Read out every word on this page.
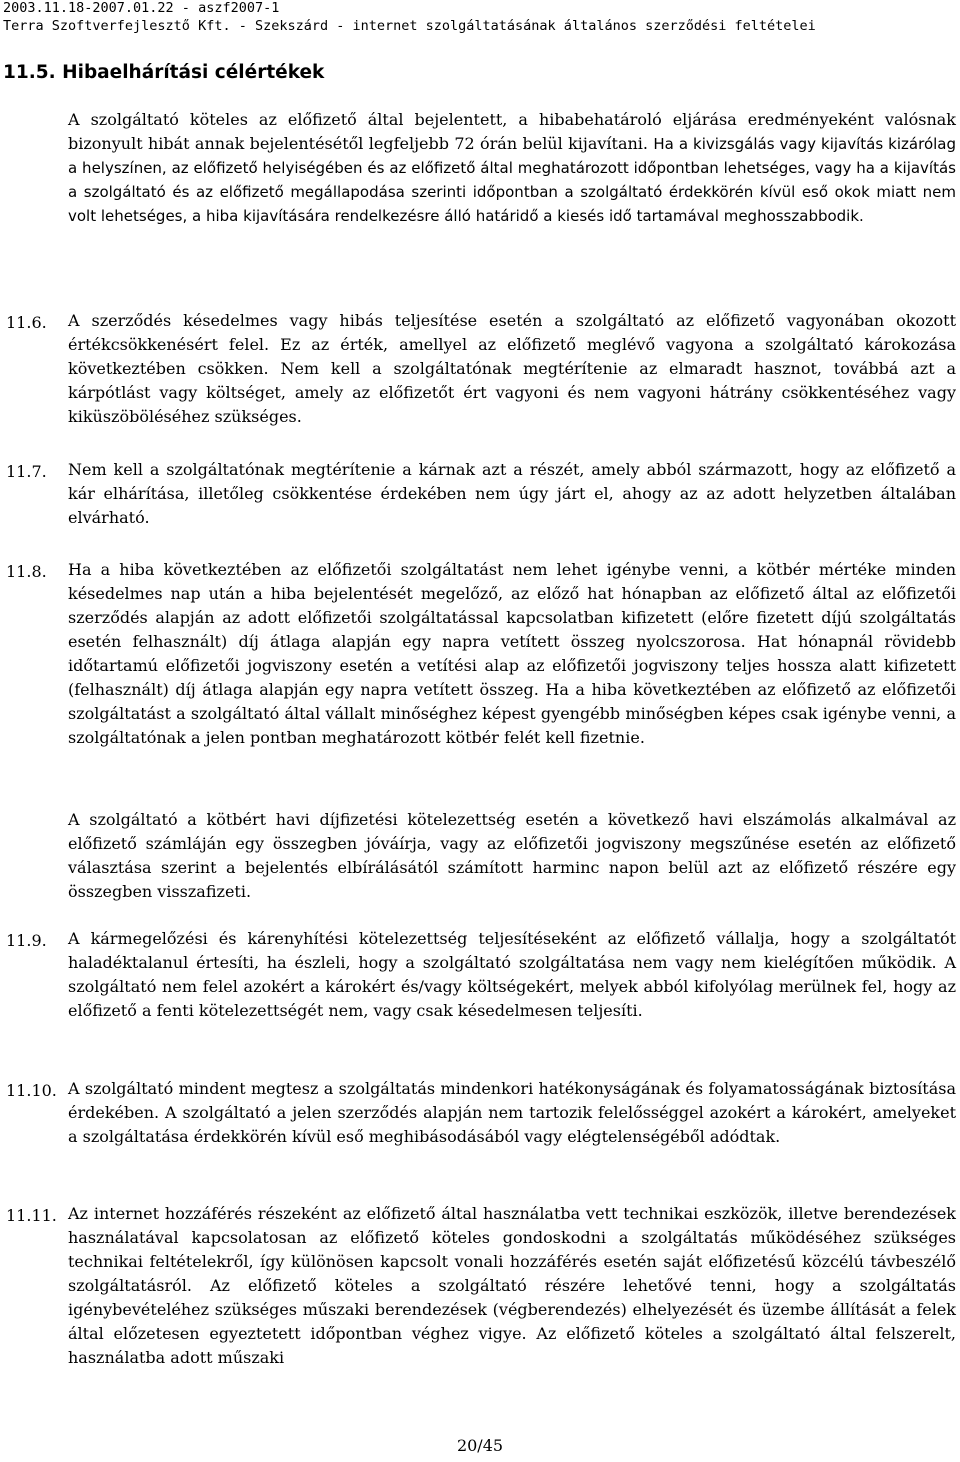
2003.11.18-2007.01.22 - aszf2007-1
Terra Szoftverfejlesztő Kft. - Szekszárd - internet szolgáltatásának általános szerződési feltételei
11.5. Hibaelhárítási célértékek
A szolgáltató köteles az előfizető által bejelentett, a hibabehatároló eljárása eredményeként valósnak bizonyult hibát annak bejelentésétől legfeljebb 72 órán belül kijavítani. Ha a kivizsgálás vagy kijavítás kizárólag a helyszínen, az előfizető helyiségében és az előfizető által meghatározott időpontban lehetséges, vagy ha a kijavítás a szolgáltató és az előfizető megállapodása szerinti időpontban a szolgáltató érdekkörén kívül eső okok miatt nem volt lehetséges, a hiba kijavítására rendelkezésre álló határidő a kiesés idő tartamával meghosszabbodik.
11.6. A szerződés késedelmes vagy hibás teljesítése esetén a szolgáltató az előfizető vagyonában okozott értékcsökkenésért felel. Ez az érték, amellyel az előfizető meglévő vagyona a szolgáltató károkozása következtében csökken. Nem kell a szolgáltatónak megtérítenie az elmaradt hasznot, továbbá azt a kárpótlást vagy költséget, amely az előfizetőt ért vagyoni és nem vagyoni hátrány csökkentéséhez vagy kiküszöböléséhez szükséges.
11.7. Nem kell a szolgáltatónak megtérítenie a kárnak azt a részét, amely abból származott, hogy az előfizető a kár elhárítása, illetőleg csökkentése érdekében nem úgy járt el, ahogy az az adott helyzetben általában elvárható.
11.8. Ha a hiba következtében az előfizetői szolgáltatást nem lehet igénybe venni, a kötbér mértéke minden késedelmes nap után a hiba bejelentését megelőző, az előző hat hónapban az előfizető által az előfizetői szerződés alapján az adott előfizetői szolgáltatással kapcsolatban kifizetett (előre fizetett díjú szolgáltatás esetén felhasznált) díj átlaga alapján egy napra vetített összeg nyolcszorosa. Hat hónapnál rövidebb időtartamú előfizetői jogviszony esetén a vetítési alap az előfizetői jogviszony teljes hossza alatt kifizetett (felhasznált) díj átlaga alapján egy napra vetített összeg. Ha a hiba következtében az előfizető az előfizetői szolgáltatást a szolgáltató által vállalt minőséghez képest gyengébb minőségben képes csak igénybe venni, a szolgáltatónak a jelen pontban meghatározott kötbér felét kell fizetnie.
A szolgáltató a kötbért havi díjfizetési kötelezettség esetén a következő havi elszámolás alkalmával az előfizető számláján egy összegben jóváírja, vagy az előfizetői jogviszony megszűnése esetén az előfizető választása szerint a bejelentés elbírálásától számított harminc napon belül azt az előfizető részére egy összegben visszafizeti.
11.9. A kármegelőzési és kárenyhítési kötelezettség teljesítéseként az előfizető vállalja, hogy a szolgáltatót haladéktalanul értesíti, ha észleli, hogy a szolgáltató szolgáltatása nem vagy nem kielégítően működik. A szolgáltató nem felel azokért a károkért és/vagy költségekért, melyek abból kifolyólag merülnek fel, hogy az előfizető a fenti kötelezettségét nem, vagy csak késedelmesen teljesíti.
11.10. A szolgáltató mindent megtesz a szolgáltatás mindenkori hatékonyságának és folyamatosságának biztosítása érdekében. A szolgáltató a jelen szerződés alapján nem tartozik felelősséggel azokért a károkért, amelyeket a szolgáltatása érdekkörén kívül eső meghibásodásából vagy elégtelenségéből adódtak.
11.11. Az internet hozzáférés részeként az előfizető által használatba vett technikai eszközök, illetve berendezések használatával kapcsolatosan az előfizető köteles gondoskodni a szolgáltatás működéséhez szükséges technikai feltételekről, így különösen kapcsolt vonali hozzáférés esetén saját előfizetésű közcélú távbeszélő szolgáltatásról. Az előfizető köteles a szolgáltató részére lehetővé tenni, hogy a szolgáltatás igénybevételéhez szükséges műszaki berendezések (végberendezés) elhelyezését és üzembe állítását a felek által előzetesen egyeztetett időpontban véghez vigye. Az előfizető köteles a szolgáltató által felszerelt, használatba adott műszaki
20/45
